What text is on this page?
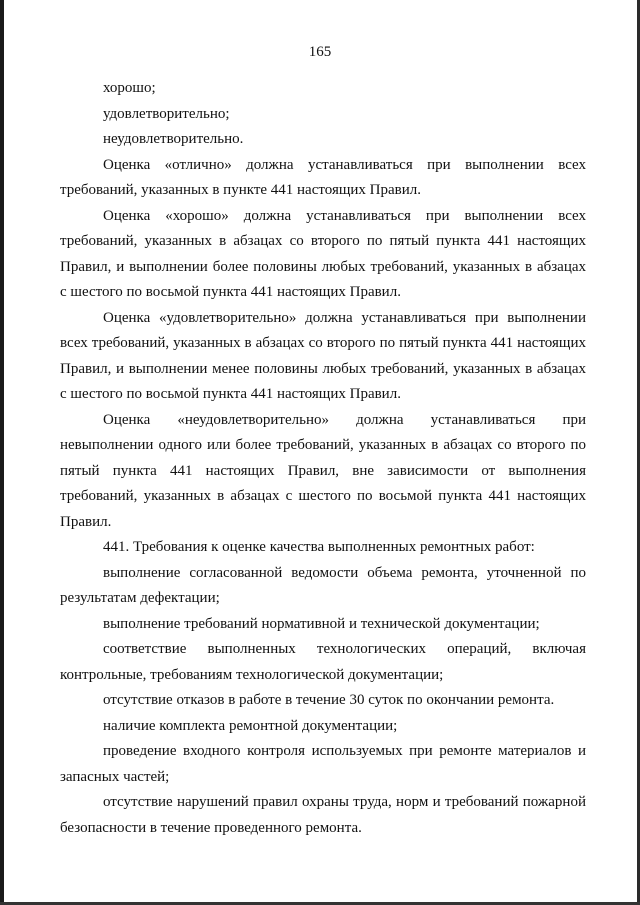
165

хорошо;

удовлетворительно;

неудовлетворительно.

Оценка «отлично» должна устанавливаться при выполнении всех требований, указанных в пункте 441 настоящих Правил.

Оценка «хорошо» должна устанавливаться при выполнении всех требований, указанных в абзацах со второго по пятый пункта 441 настоящих Правил, и выполнении более половины любых требований, указанных в абзацах с шестого по восьмой пункта 441 настоящих Правил.

Оценка «удовлетворительно» должна устанавливаться при выполнении всех требований, указанных в абзацах со второго по пятый пункта 441 настоящих Правил, и выполнении менее половины любых требований, указанных в абзацах с шестого по восьмой пункта 441 настоящих Правил.

Оценка «неудовлетворительно» должна устанавливаться при невыполнении одного или более требований, указанных в абзацах со второго по пятый пункта 441 настоящих Правил, вне зависимости от выполнения требований, указанных в абзацах с шестого по восьмой пункта 441 настоящих Правил.

441. Требования к оценке качества выполненных ремонтных работ:

выполнение согласованной ведомости объема ремонта, уточненной по результатам дефектации;

выполнение требований нормативной и технической документации;

соответствие выполненных технологических операций, включая контрольные, требованиям технологической документации;

отсутствие отказов в работе в течение 30 суток по окончании ремонта.

наличие комплекта ремонтной документации;

проведение входного контроля используемых при ремонте материалов и запасных частей;

отсутствие нарушений правил охраны труда, норм и требований пожарной безопасности в течение проведенного ремонта.
